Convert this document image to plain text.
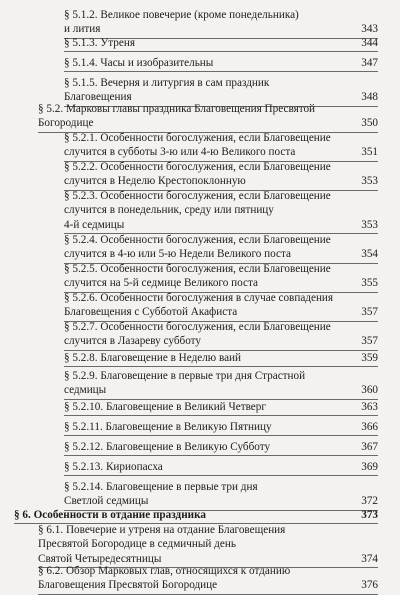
§ 5.1.2. Великое повечерие (кроме понедельника)
и лития	343
§ 5.1.3. Утреня	344
§ 5.1.4. Часы и изобразительны	347
§ 5.1.5. Вечерня и литургия в сам праздник
Благовещения	348
§ 5.2. Марковы главы праздника Благовещения Пресвятой
Богородице	350
§ 5.2.1. Особенности богослужения, если Благовещение
случится в субботы 3-ю или 4-ю Великого поста	351
§ 5.2.2. Особенности богослужения, если Благовещение
случится в Неделю Крестопоклонную	353
§ 5.2.3. Особенности богослужения, если Благовещение
случится в понедельник, среду или пятницу
4-й седмицы	353
§ 5.2.4. Особенности богослужения, если Благовещение
случится в 4-ю или 5-ю Недели Великого поста	354
§ 5.2.5. Особенности богослужения, если Благовещение
случится на 5-й седмице Великого поста	355
§ 5.2.6. Особенности богослужения в случае совпадения
Благовещения с Субботой Акафиста	357
§ 5.2.7. Особенности богослужения, если Благовещение
случится в Лазареву субботу	357
§ 5.2.8. Благовещение в Неделю ваий	359
§ 5.2.9. Благовещение в первые три дня Страстной
седмицы	360
§ 5.2.10. Благовещение в Великий Четверг	363
§ 5.2.11. Благовещение в Великую Пятницу	366
§ 5.2.12. Благовещение в Великую Субботу	367
§ 5.2.13. Кириопасха	369
§ 5.2.14. Благовещение в первые три дня
Светлой седмицы	372
§ 6. Особенности в отдание праздника	373
§ 6.1. Повечерие и утреня на отдание Благовещения
Пресвятой Богородице в седмичный день
Святой Четыредесятницы	374
§ 6.2. Обзор Марковых глав, относящихся к отданию
Благовещения Пресвятой Богородице	376
